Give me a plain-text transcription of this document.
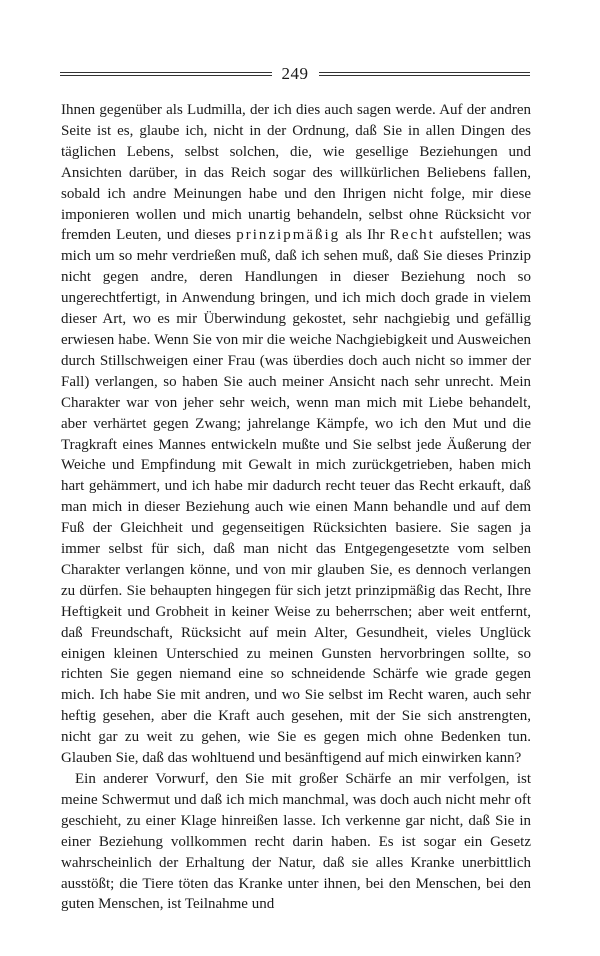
249

Ihnen gegenüber als Ludmilla, der ich dies auch sagen werde. Auf der andren Seite ist es, glaube ich, nicht in der Ordnung, daß Sie in allen Dingen des täglichen Lebens, selbst solchen, die, wie gesellige Beziehungen und Ansichten darüber, in das Reich sogar des willkürlichen Beliebens fallen, sobald ich andre Meinungen habe und den Ihrigen nicht folge, mir diese imponieren wollen und mich unartig behandeln, selbst ohne Rücksicht vor fremden Leuten, und dieses prinzipmäßig als Ihr Recht aufstellen; was mich um so mehr verdrießen muß, daß ich sehen muß, daß Sie dieses Prinzip nicht gegen andre, deren Handlungen in dieser Beziehung noch so ungerechtfertigt, in Anwendung bringen, und ich mich doch grade in vielem dieser Art, wo es mir Überwindung gekostet, sehr nachgiebig und gefällig erwiesen habe. Wenn Sie von mir die weiche Nachgiebigkeit und Ausweichen durch Stillschweigen einer Frau (was überdies doch auch nicht so immer der Fall) verlangen, so haben Sie auch meiner Ansicht nach sehr unrecht. Mein Charakter war von jeher sehr weich, wenn man mich mit Liebe behandelt, aber verhärtet gegen Zwang; jahrelange Kämpfe, wo ich den Mut und die Tragkraft eines Mannes entwickeln mußte und Sie selbst jede Äußerung der Weiche und Empfindung mit Gewalt in mich zurückgetrieben, haben mich hart gehämmert, und ich habe mir dadurch recht teuer das Recht erkauft, daß man mich in dieser Beziehung auch wie einen Mann behandle und auf dem Fuß der Gleichheit und gegenseitigen Rücksichten basiere. Sie sagen ja immer selbst für sich, daß man nicht das Entgegengesetzte vom selben Charakter verlangen könne, und von mir glauben Sie, es dennoch verlangen zu dürfen. Sie behaupten hingegen für sich jetzt prinzipmäßig das Recht, Ihre Heftigkeit und Grobheit in keiner Weise zu beherrschen; aber weit entfernt, daß Freundschaft, Rücksicht auf mein Alter, Gesundheit, vieles Unglück einigen kleinen Unterschied zu meinen Gunsten hervorbringen sollte, so richten Sie gegen niemand eine so schneidende Schärfe wie grade gegen mich. Ich habe Sie mit andren, und wo Sie selbst im Recht waren, auch sehr heftig gesehen, aber die Kraft auch gesehen, mit der Sie sich anstrengten, nicht gar zu weit zu gehen, wie Sie es gegen mich ohne Bedenken tun. Glauben Sie, daß das wohltuend und besänftigend auf mich einwirken kann?

Ein anderer Vorwurf, den Sie mit großer Schärfe an mir verfolgen, ist meine Schwermut und daß ich mich manchmal, was doch auch nicht mehr oft geschieht, zu einer Klage hinreißen lasse. Ich verkenne gar nicht, daß Sie in einer Beziehung vollkommen recht darin haben. Es ist sogar ein Gesetz wahrscheinlich der Erhaltung der Natur, daß sie alles Kranke unerbittlich ausstößt; die Tiere töten das Kranke unter ihnen, bei den Menschen, bei den guten Menschen, ist Teilnahme und
